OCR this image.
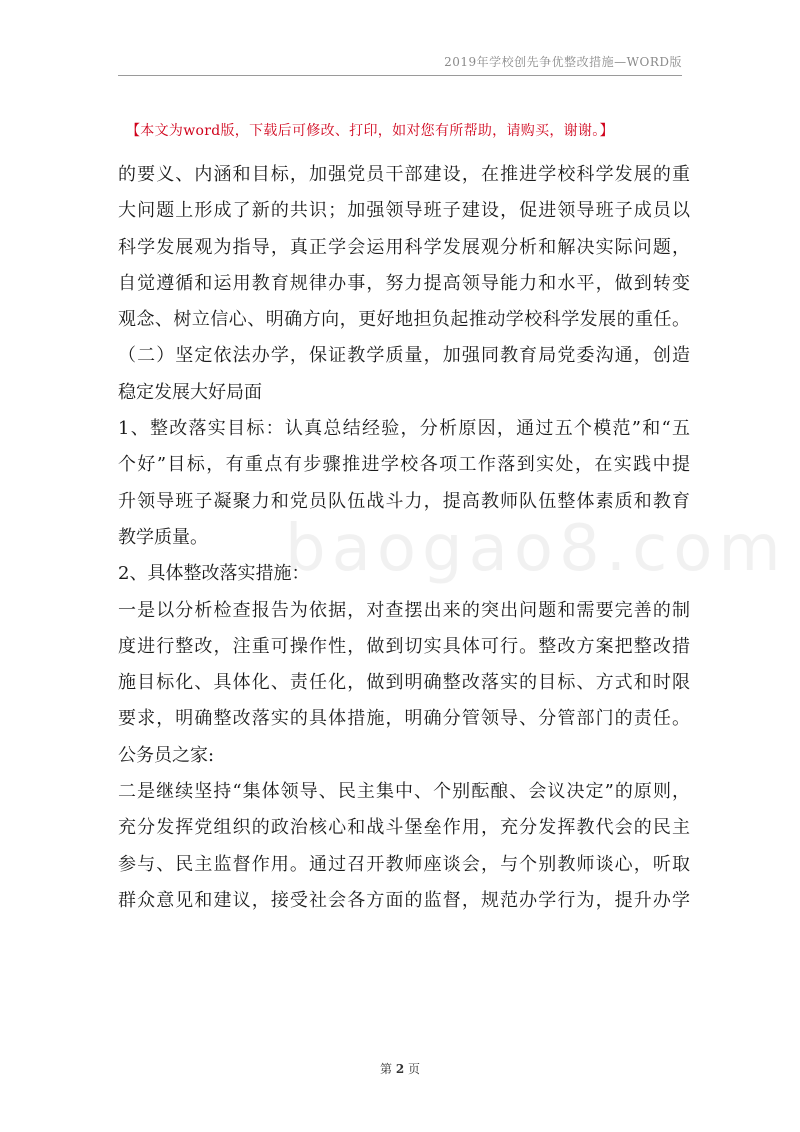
2019年学校创先争优整改措施—WORD版
【本文为word版，下载后可修改、打印，如对您有所帮助，请购买，谢谢。】
baogao8.com

的要义、内涵和目标，加强党员干部建设，在推进学校科学发展的重

大问题上形成了新的共识；加强领导班子建设，促进领导班子成员以

科学发展观为指导，真正学会运用科学发展观分析和解决实际问题，

自觉遵循和运用教育规律办事，努力提高领导能力和水平，做到转变

观念、树立信心、明确方向，更好地担负起推动学校科学发展的重任。

（二）坚定依法办学，保证教学质量，加强同教育局党委沟通，创造

稳定发展大好局面

1、整改落实目标：认真总结经验，分析原因，通过五个模范”和“五

个好”目标，有重点有步骤推进学校各项工作落到实处，在实践中提

升领导班子凝聚力和党员队伍战斗力，提高教师队伍整体素质和教育

教学质量。

2、具体整改落实措施：

一是以分析检查报告为依据，对查摆出来的突出问题和需要完善的制

度进行整改，注重可操作性，做到切实具体可行。整改方案把整改措

施目标化、具体化、责任化，做到明确整改落实的目标、方式和时限

要求，明确整改落实的具体措施，明确分管领导、分管部门的责任。

公务员之家:

二是继续坚持“集体领导、民主集中、个别酝酿、会议决定”的原则，

充分发挥党组织的政治核心和战斗堡垒作用，充分发挥教代会的民主

参与、民主监督作用。通过召开教师座谈会，与个别教师谈心，听取

群众意见和建议，接受社会各方面的监督，规范办学行为，提升办学

第 2 页
